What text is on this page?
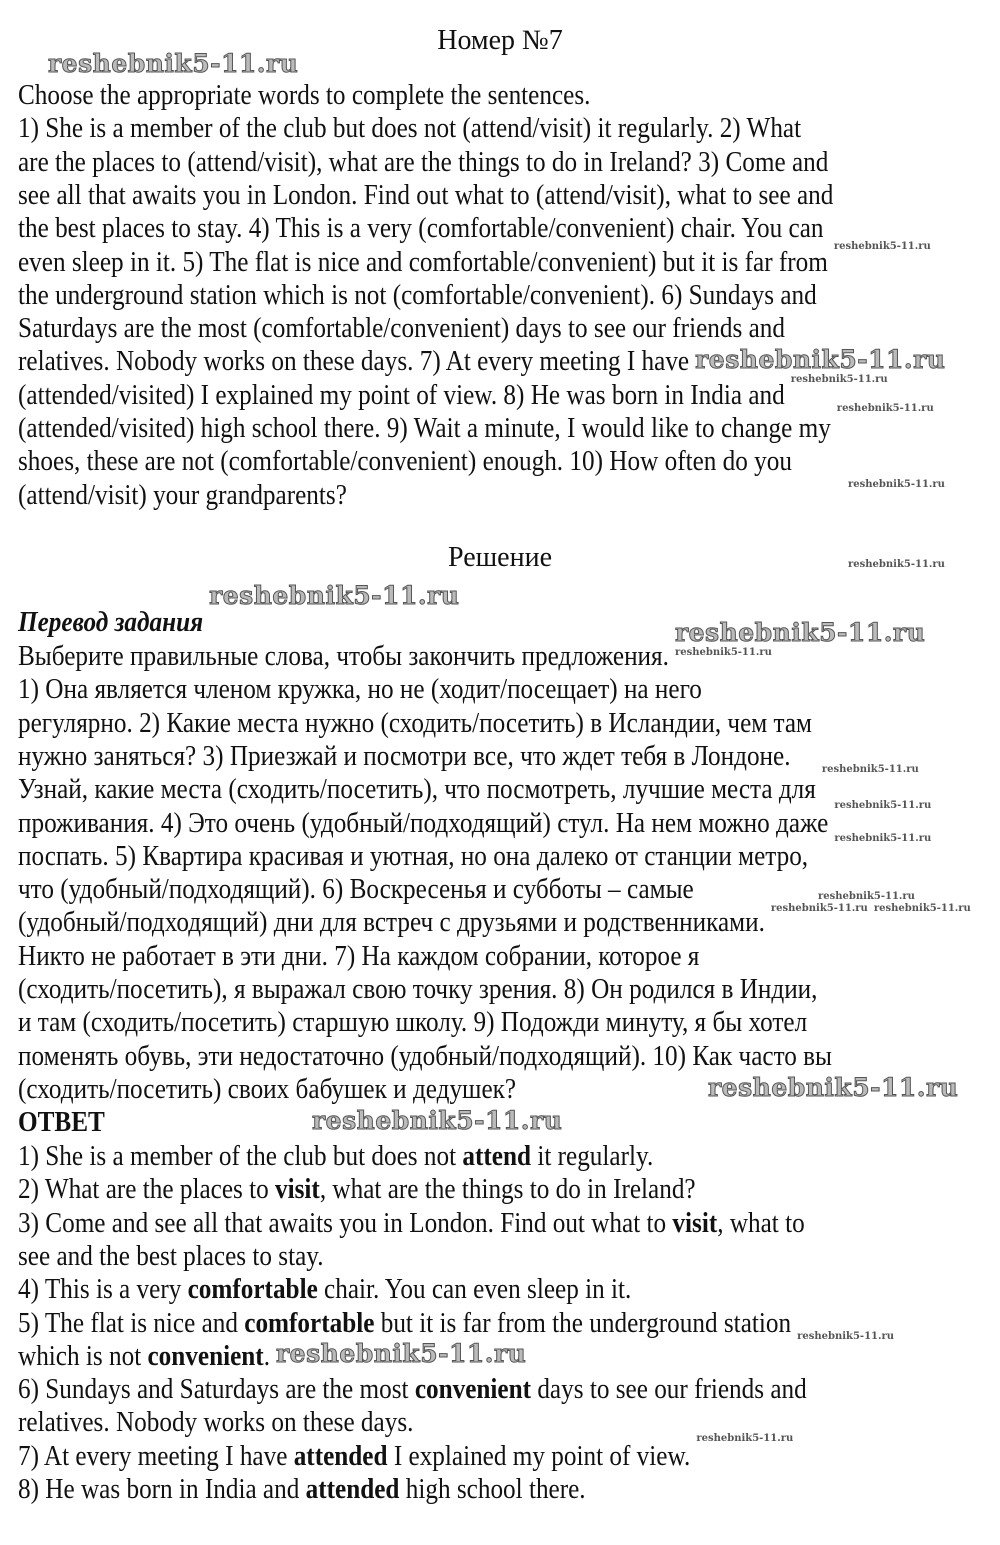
Номер №7
Choose the appropriate words to complete the sentences.
1) She is a member of the club but does not (attend/visit) it regularly. 2) What
are the places to (attend/visit), what are the things to do in Ireland? 3) Come and
see all that awaits you in London. Find out what to (attend/visit), what to see and
the best places to stay. 4) This is a very (comfortable/convenient) chair. You can
even sleep in it. 5) The flat is nice and comfortable/convenient) but it is far from
the underground station which is not (comfortable/convenient). 6) Sundays and
Saturdays are the most (comfortable/convenient) days to see our friends and
relatives. Nobody works on these days. 7) At every meeting I have
(attended/visited) I explained my point of view. 8) He was born in India and
(attended/visited) high school there. 9) Wait a minute, I would like to change my
shoes, these are not (comfortable/convenient) enough. 10) How often do you
(attend/visit) your grandparents?
Решение
Перевод задания
Выберите правильные слова, чтобы закончить предложения.
1) Она является членом кружка, но не (ходит/посещает) на него
регулярно. 2) Какие места нужно (сходить/посетить) в Исландии, чем там
нужно заняться? 3) Приезжай и посмотри все, что ждет тебя в Лондоне.
Узнай, какие места (сходить/посетить), что посмотреть, лучшие места для
проживания. 4) Это очень (удобный/подходящий) стул. На нем можно даже
поспать. 5) Квартира красивая и уютная, но она далеко от станции метро,
что (удобный/подходящий). 6) Воскресенья и субботы – самые
(удобный/подходящий) дни для встреч с друзьями и родственниками.
Никто не работает в эти дни. 7) На каждом собрании, которое я
(сходить/посетить), я выражал свою точку зрения. 8) Он родился в Индии,
и там (сходить/посетить) старшую школу. 9) Подожди минуту, я бы хотел
поменять обувь, эти недостаточно (удобный/подходящий). 10) Как часто вы
(сходить/посетить) своих бабушек и дедушек?
ОТВЕТ
1) She is a member of the club but does not attend it regularly.
2) What are the places to visit, what are the things to do in Ireland?
3) Come and see all that awaits you in London. Find out what to visit, what to
see and the best places to stay.
4) This is a very comfortable chair. You can even sleep in it.
5) The flat is nice and comfortable but it is far from the underground station
which is not convenient.
6) Sundays and Saturdays are the most convenient days to see our friends and
relatives. Nobody works on these days.
7) At every meeting I have attended I explained my point of view.
8) He was born in India and attended high school there.
reshebnik5-11.ru
reshebnik5-11.ru
reshebnik5-11.ru
reshebnik5-11.ru
reshebnik5-11.ru
reshebnik5-11.ru
reshebnik5-11.ru
reshebnik5-11.ru
reshebnik5-11.ru
reshebnik5-11.ru
reshebnik5-11.ru
reshebnik5-11.ru
reshebnik5-11.ru
reshebnik5-11.ru
reshebnik5-11.ru
reshebnik5-11.ru
reshebnik5-11.ru
reshebnik5-11.ru reshebnik5-11.ru
reshebnik5-11.ru
reshebnik5-11.ru
